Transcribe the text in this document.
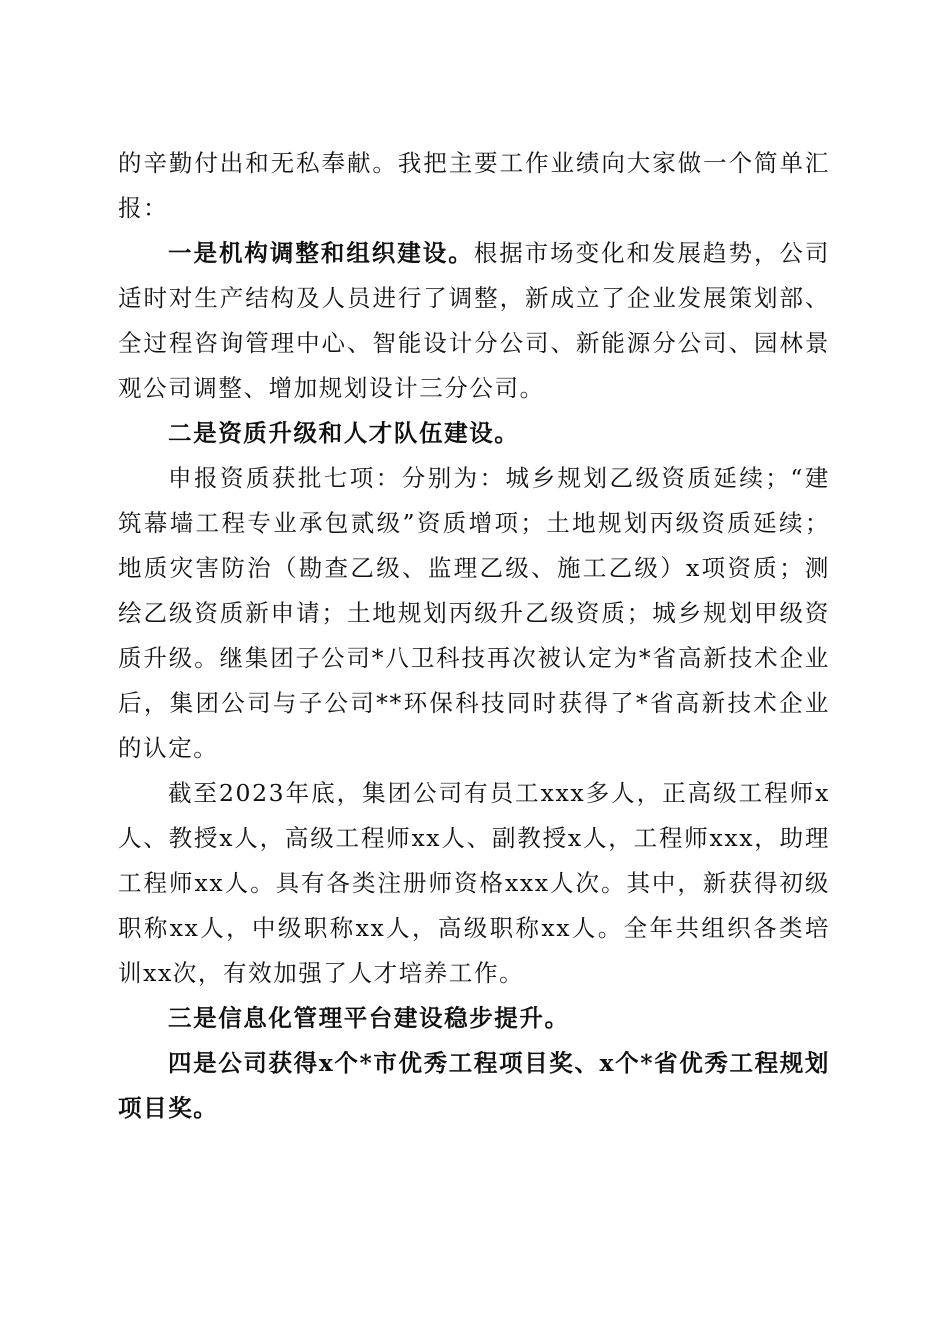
的辛勤付出和无私奉献。我把主要工作业绩向大家做一个简单汇报：

一是机构调整和组织建设。根据市场变化和发展趋势，公司适时对生产结构及人员进行了调整，新成立了企业发展策划部、全过程咨询管理中心、智能设计分公司、新能源分公司、园林景观公司调整、增加规划设计三分公司。

二是资质升级和人才队伍建设。

申报资质获批七项：分别为：城乡规划乙级资质延续；“建筑幕墙工程专业承包贰级”资质增项；土地规划丙级资质延续；地质灾害防治（勘查乙级、监理乙级、施工乙级）x项资质；测绘乙级资质新申请；土地规划丙级升乙级资质；城乡规划甲级资质升级。继集团子公司*八卫科技再次被认定为*省高新技术企业后，集团公司与子公司**环保科技同时获得了*省高新技术企业的认定。

截至2023年底，集团公司有员工xxx多人，正高级工程师x人、教授x人，高级工程师xx人、副教授x人，工程师xxx，助理工程师xx人。具有各类注册师资格xxx人次。其中，新获得初级职称xx人，中级职称xx人，高级职称xx人。全年共组织各类培训xx次，有效加强了人才培养工作。

三是信息化管理平台建设稳步提升。

四是公司获得x个*市优秀工程项目奖、x个*省优秀工程规划项目奖。
